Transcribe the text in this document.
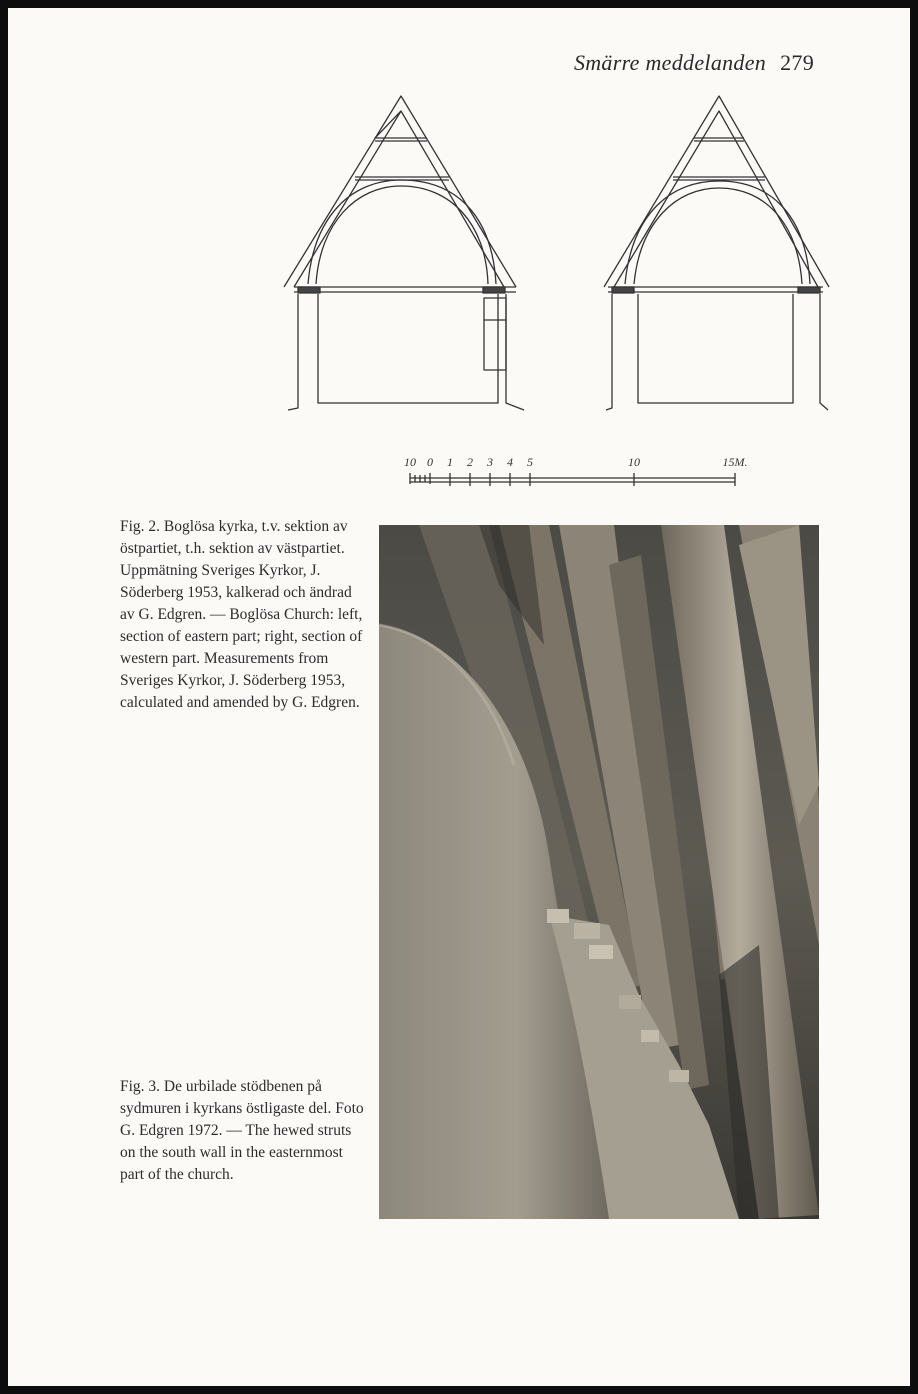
Smärre meddelanden 279
10 0 1 2 3 4 5	10	15M.
Fig. 2. Boglösa kyrka, t.v. sektion av östpartiet, t.h. sektion av västpartiet. Uppmätning Sveriges Kyrkor, J. Söderberg 1953, kalkerad och ändrad av G. Edgren. — Boglösa Church: left, section of eastern part; right, section of western part. Measurements from Sveriges Kyrkor, J. Söderberg 1953, calculated and amended by G. Edgren.
Fig. 3. De urbilade stödbenen på sydmuren i kyrkans östligaste del. Foto G. Edgren 1972. — The hewed struts on the south wall in the easternmost part of the church.
